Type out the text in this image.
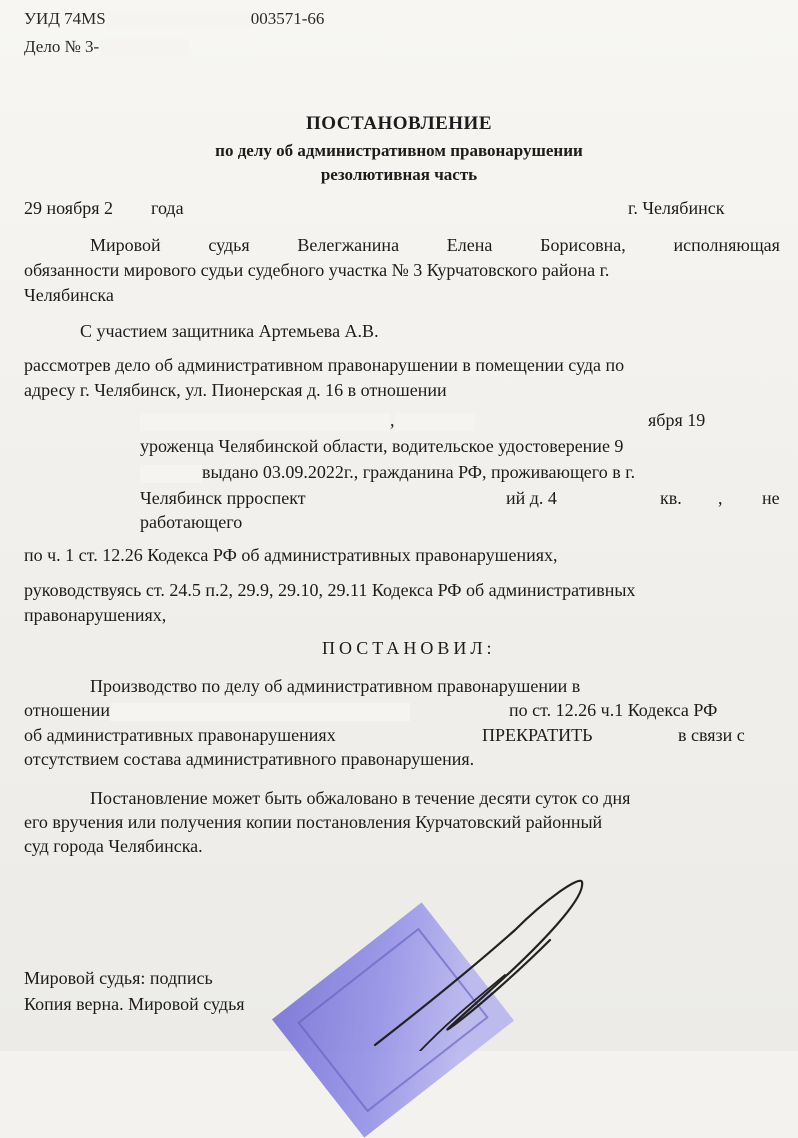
УИД 74MS	003571-66
Дело № 3-
ПОСТАНОВЛЕНИЕ
по делу об административном правонарушении
резолютивная часть
29 ноября 2 года	г. Челябинск
Мировой	судья	Велегжанина	Елена	Борисовна,	исполняющая
обязанности мирового судьи судебного участка № 3 Курчатовского района г.
Челябинска
С участием защитника Артемьева А.В.
рассмотрев дело об административном правонарушении в помещении суда по
адресу г. Челябинск, ул. Пионерская д. 16 в отношении
,	ября 19
уроженца Челябинской области, водительское удостоверение 9
выдано 03.09.2022г., гражданина РФ, проживающего в г.
Челябинск прроспект	ий д. 4	кв. , не
работающего
по ч. 1 ст. 12.26 Кодекса РФ об административных правонарушениях,
руководствуясь ст. 24.5 п.2, 29.9, 29.10, 29.11 Кодекса РФ об административных
правонарушениях,
ПОСТАНОВИЛ:
Производство по делу об административном правонарушении в
отношении	по ст. 12.26 ч.1 Кодекса РФ
об административных правонарушениях	ПРЕКРАТИТЬ	в связи с
отсутствием состава административного правонарушения.
Постановление может быть обжаловано в течение десяти суток со дня
его вручения или получения копии постановления Курчатовский районный
суд города Челябинска.
Мировой судья: подпись
Копия верна. Мировой судья
